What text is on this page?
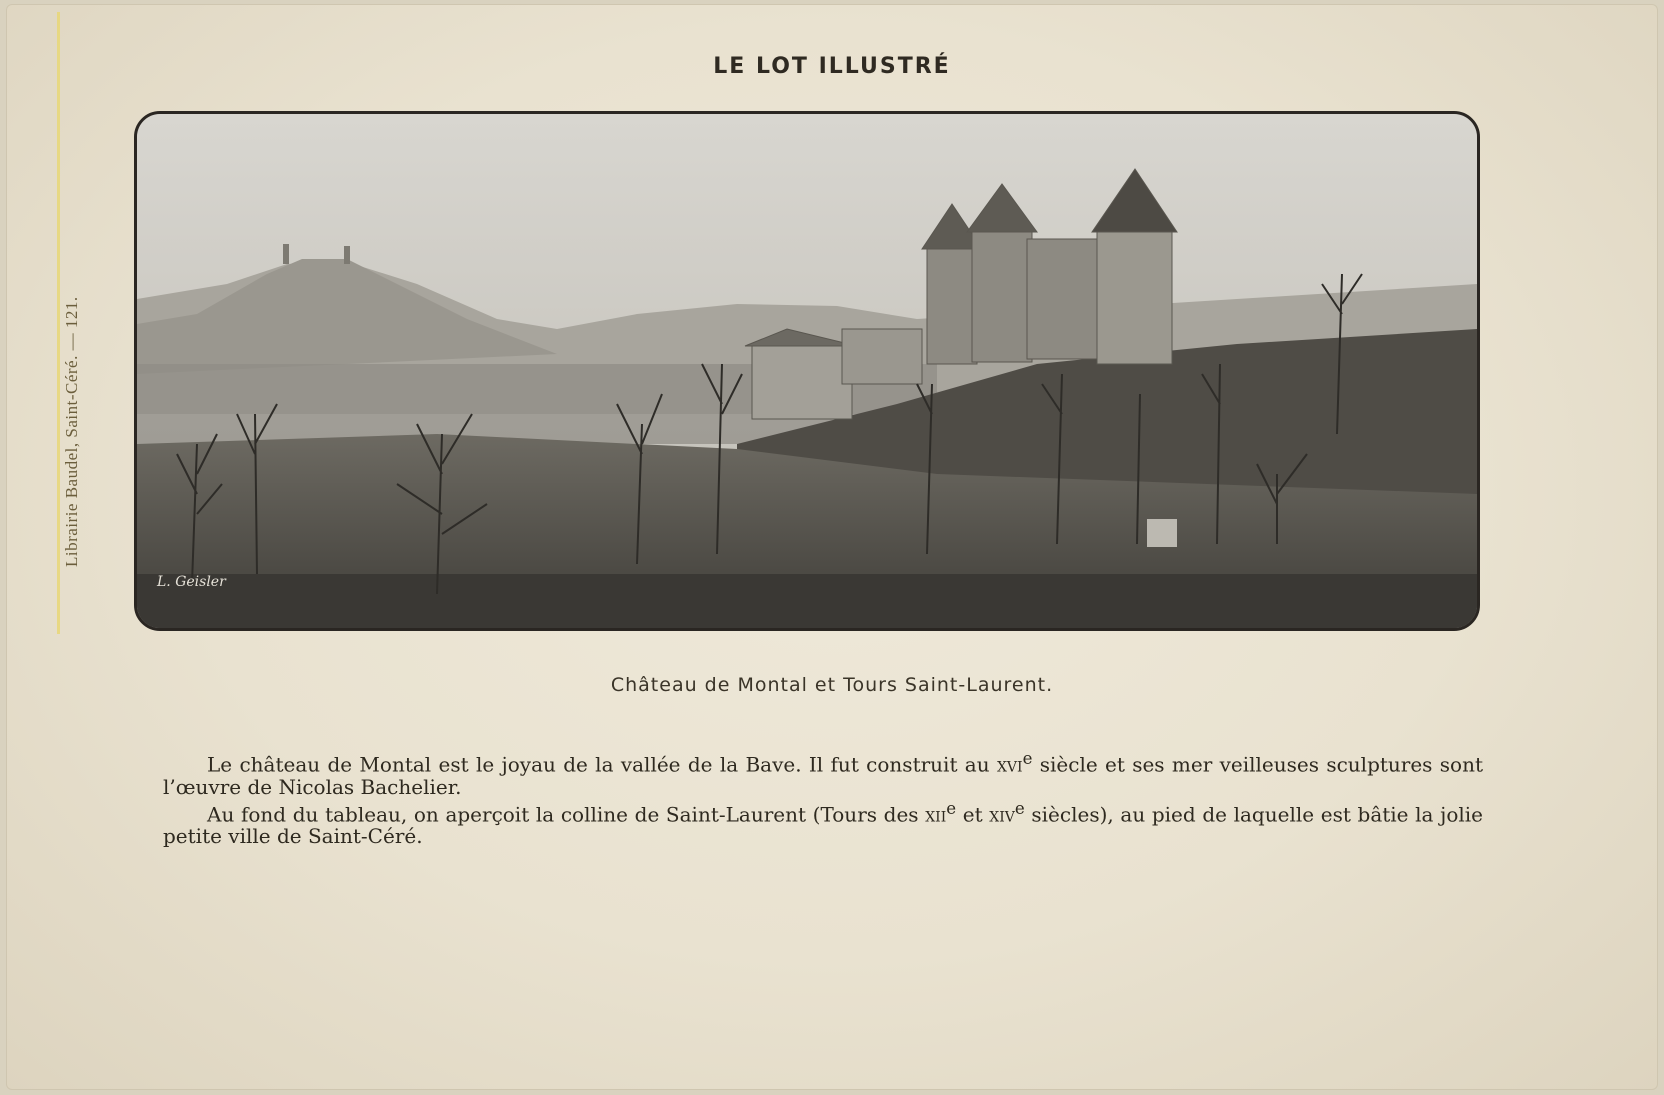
Librairie Baudel, Saint-Céré. — 121.
LE LOT ILLUSTRÉ
L. Geisler
Château de Montal et Tours Saint-Laurent.

Le château de Montal est le joyau de la vallée de la Bave. Il fut construit au xvi$^e$ siècle et ses mer veilleuses sculptures sont l’œuvre de Nicolas Bachelier.

Au fond du tableau, on aperçoit la colline de Saint-Laurent (Tours des xii$^e$ et xiv$^e$ siècles), au pied de laquelle est bâtie la jolie petite ville de Saint-Céré.
